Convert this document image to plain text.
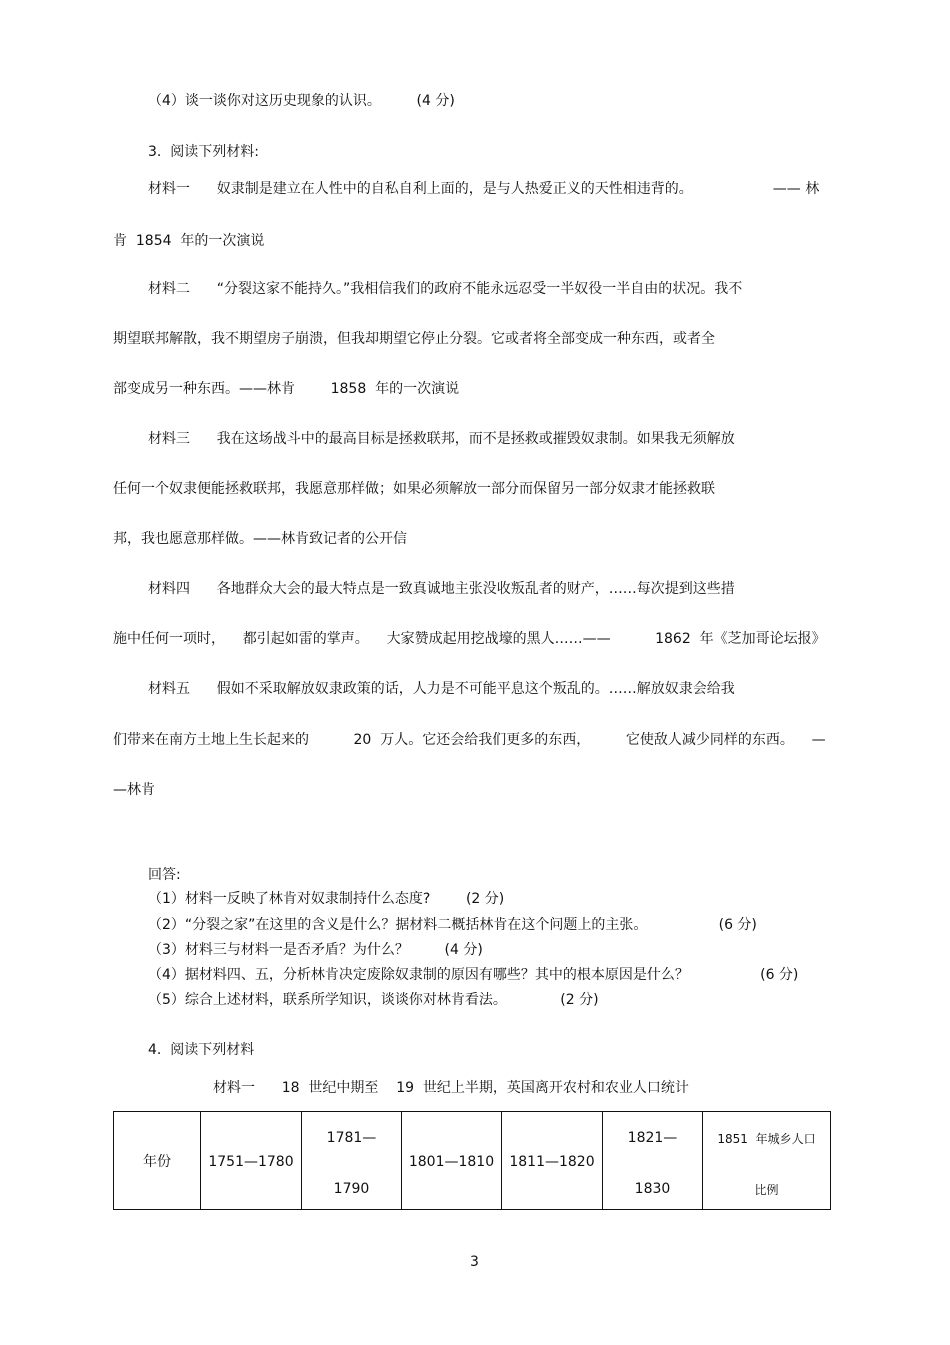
（4）谈一谈你对这历史现象的认识。        (4 分)

3.  阅读下列材料:

材料一      奴隶制是建立在人性中的自私自利上面的，是与人热爱正义的天性相违背的。                  —— 林

肯  1854  年的一次演说

材料二      “分裂这家不能持久。”我相信我们的政府不能永远忍受一半奴役一半自由的状况。我不

期望联邦解散，我不期望房子崩溃，但我却期望它停止分裂。它或者将全部变成一种东西，或者全

部变成另一种东西。——林肯        1858  年的一次演说

材料三      我在这场战斗中的最高目标是拯救联邦，而不是拯救或摧毁奴隶制。如果我无须解放

任何一个奴隶便能拯救联邦，我愿意那样做；如果必须解放一部分而保留另一部分奴隶才能拯救联

邦，我也愿意那样做。——林肯致记者的公开信

材料四      各地群众大会的最大特点是一致真诚地主张没收叛乱者的财产，……每次提到这些措

施中任何一项时，    都引起如雷的掌声。    大家赞成起用挖战壕的黑人……——          1862  年《芝加哥论坛报》

材料五      假如不采取解放奴隶政策的话，人力是不可能平息这个叛乱的。……解放奴隶会给我

们带来在南方土地上生长起来的          20  万人。它还会给我们更多的东西，        它使敌人减少同样的东西。    —

—林肯

回答:

（1）材料一反映了林肯对奴隶制持什么态度?        (2 分)

（2）“分裂之家”在这里的含义是什么？据材料二概括林肯在这个问题上的主张。                (6 分)

（3）材料三与材料一是否矛盾？为什么？        (4 分)

（4）据材料四、五，分析林肯决定废除奴隶制的原因有哪些？其中的根本原因是什么？                (6 分)

（5）综合上述材料，联系所学知识，谈谈你对林肯看法。            (2 分)

4.  阅读下列材料

材料一      18  世纪中期至    19  世纪上半期，英国离开农村和农业人口统计

年份	1751—1780
1781—
1790
1801—1810	1811—1820
1821—
1830
1851  年城乡人口
比例

3
